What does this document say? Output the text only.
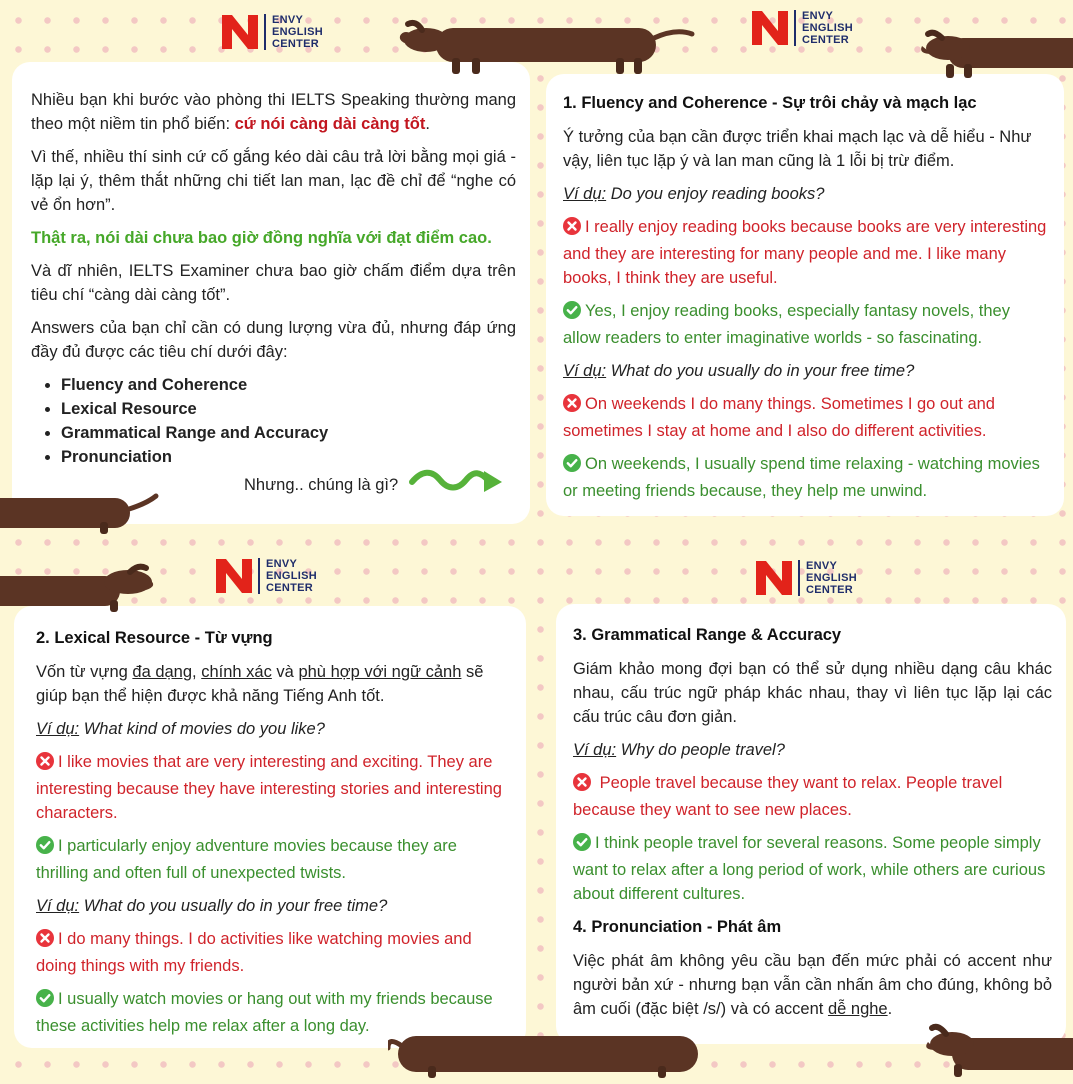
ENVY
ENGLISH
CENTER
ENVY
ENGLISH
CENTER
ENVY
ENGLISH
CENTER
ENVY
ENGLISH
CENTER

Nhiều bạn khi bước vào phòng thi IELTS Speaking thường mang theo một niềm tin phổ biến: cứ nói càng dài càng tốt.

Vì thế, nhiều thí sinh cứ cố gắng kéo dài câu trả lời bằng mọi giá - lặp lại ý, thêm thắt những chi tiết lan man, lạc đề chỉ để “nghe có vẻ ổn hơn”.

Thật ra, nói dài chưa bao giờ đồng nghĩa với đạt điểm cao.

Và dĩ nhiên, IELTS Examiner chưa bao giờ chấm điểm dựa trên tiêu chí “càng dài càng tốt”.

Answers của bạn chỉ cần có dung lượng vừa đủ, nhưng đáp ứng đầy đủ được các tiêu chí dưới đây:

• Fluency and Coherence
• Lexical Resource
• Grammatical Range and Accuracy
• Pronunciation
Nhưng.. chúng là gì?

1. Fluency and Coherence - Sự trôi chảy và mạch lạc

Ý tưởng của bạn cần được triển khai mạch lạc và dễ hiểu - Như vậy, liên tục lặp ý và lan man cũng là 1 lỗi bị trừ điểm.

Ví dụ: Do you enjoy reading books?

I really enjoy reading books because books are very interesting and they are interesting for many people and me. I like many books, I think they are useful.

Yes, I enjoy reading books, especially fantasy novels, they allow readers to enter imaginative worlds - so fascinating.

Ví dụ: What do you usually do in your free time?

On weekends I do many things. Sometimes I go out and sometimes I stay at home and I also do different activities.

On weekends, I usually spend time relaxing - watching movies or meeting friends because, they help me unwind.

2. Lexical Resource - Từ vựng

Vốn từ vựng đa dạng, chính xác và phù hợp với ngữ cảnh sẽ giúp bạn thể hiện được khả năng Tiếng Anh tốt.

Ví dụ: What kind of movies do you like?

I like movies that are very interesting and exciting. They are interesting because they have interesting stories and interesting characters.

I particularly enjoy adventure movies because they are thrilling and often full of unexpected twists.

Ví dụ: What do you usually do in your free time?

I do many things. I do activities like watching movies and doing things with my friends.

I usually watch movies or hang out with my friends because these activities help me relax after a long day.

3. Grammatical Range & Accuracy

Giám khảo mong đợi bạn có thể sử dụng nhiều dạng câu khác nhau, cấu trúc ngữ pháp khác nhau, thay vì liên tục lặp lại các cấu trúc câu đơn giản.

Ví dụ: Why do people travel?

People travel because they want to relax. People travel because they want to see new places.

I think people travel for several reasons. Some people simply want to relax after a long period of work, while others are curious about different cultures.

4. Pronunciation - Phát âm

Việc phát âm không yêu cầu bạn đến mức phải có accent như người bản xứ - nhưng bạn vẫn cần nhấn âm cho đúng, không bỏ âm cuối (đặc biệt /s/) và có accent dễ nghe.
